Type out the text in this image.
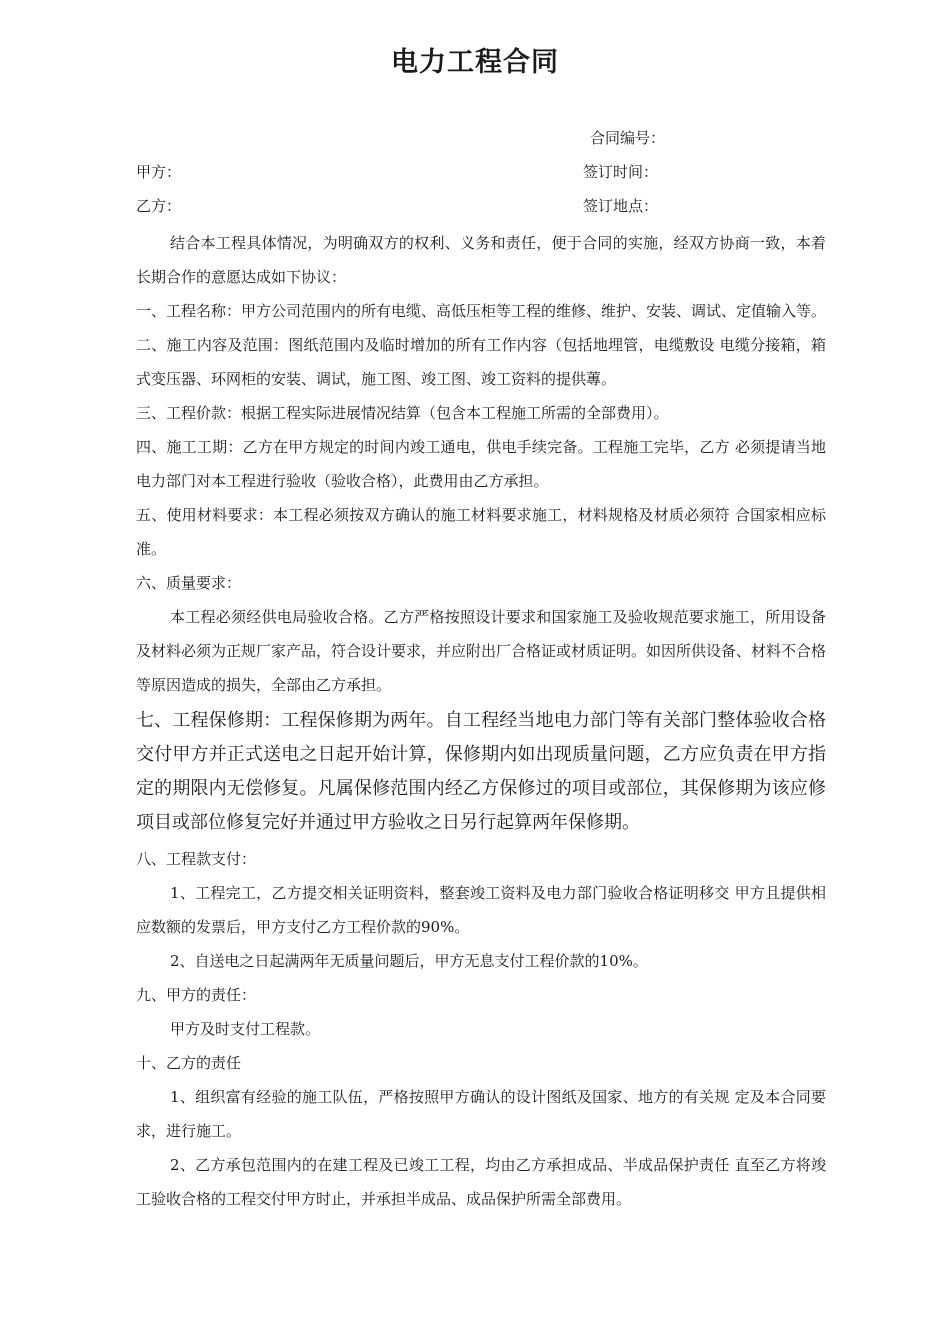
电力工程合同
合同编号：
甲方：	签订时间：
乙方：	签订地点：

结合本工程具体情况，为明确双方的权利、义务和责任，便于合同的实施，经双方协商一致，本着长期合作的意愿达成如下协议：

一、工程名称：甲方公司范围内的所有电缆、高低压柜等工程的维修、维护、安装、调试、定值输入等。

二、施工内容及范围：图纸范围内及临时增加的所有工作内容（包括地埋管，电缆敷设 电缆分接箱，箱式变压器、环网柜的安装、调试，施工图、竣工图、竣工资料的提供蓴。

三、工程价款：根据工程实际进展情况结算（包含本工程施工所需的全部费用）。

四、施工工期：乙方在甲方规定的时间内竣工通电，供电手续完备。工程施工完毕，乙方 必须提请当地电力部门对本工程进行验收（验收合格），此费用由乙方承担。

五、使用材料要求：本工程必须按双方确认的施工材料要求施工，材料规格及材质必须符 合国家相应标准。

六、质量要求：

本工程必须经供电局验收合格。乙方严格按照设计要求和国家施工及验收规范要求施工，所用设备及材料必须为正规厂家产品，符合设计要求，并应附出厂合格证或材质证明。如因所供设备、材料不合格等原因造成的损失，全部由乙方承担。

七、工程保修期：工程保修期为两年。自工程经当地电力部门等有关部门整体验收合格交付甲方并正式送电之日起开始计算，保修期内如出现质量问题，乙方应负责在甲方指定的期限内无偿修复。凡属保修范围内经乙方保修过的项目或部位，其保修期为该应修项目或部位修复完好并通过甲方验收之日另行起算两年保修期。

八、工程款支付：

1、工程完工，乙方提交相关证明资料，整套竣工资料及电力部门验收合格证明移交 甲方且提供相应数额的发票后，甲方支付乙方工程价款的90%。

2、自送电之日起满两年无质量问题后，甲方无息支付工程价款的10%。

九、甲方的责任：

甲方及时支付工程款。

十、乙方的责任

1、组织富有经验的施工队伍，严格按照甲方确认的设计图纸及国家、地方的有关规 定及本合同要求，进行施工。

2、乙方承包范围内的在建工程及已竣工工程，均由乙方承担成品、半成品保护责任 直至乙方将竣工验收合格的工程交付甲方时止，并承担半成品、成品保护所需全部费用。
